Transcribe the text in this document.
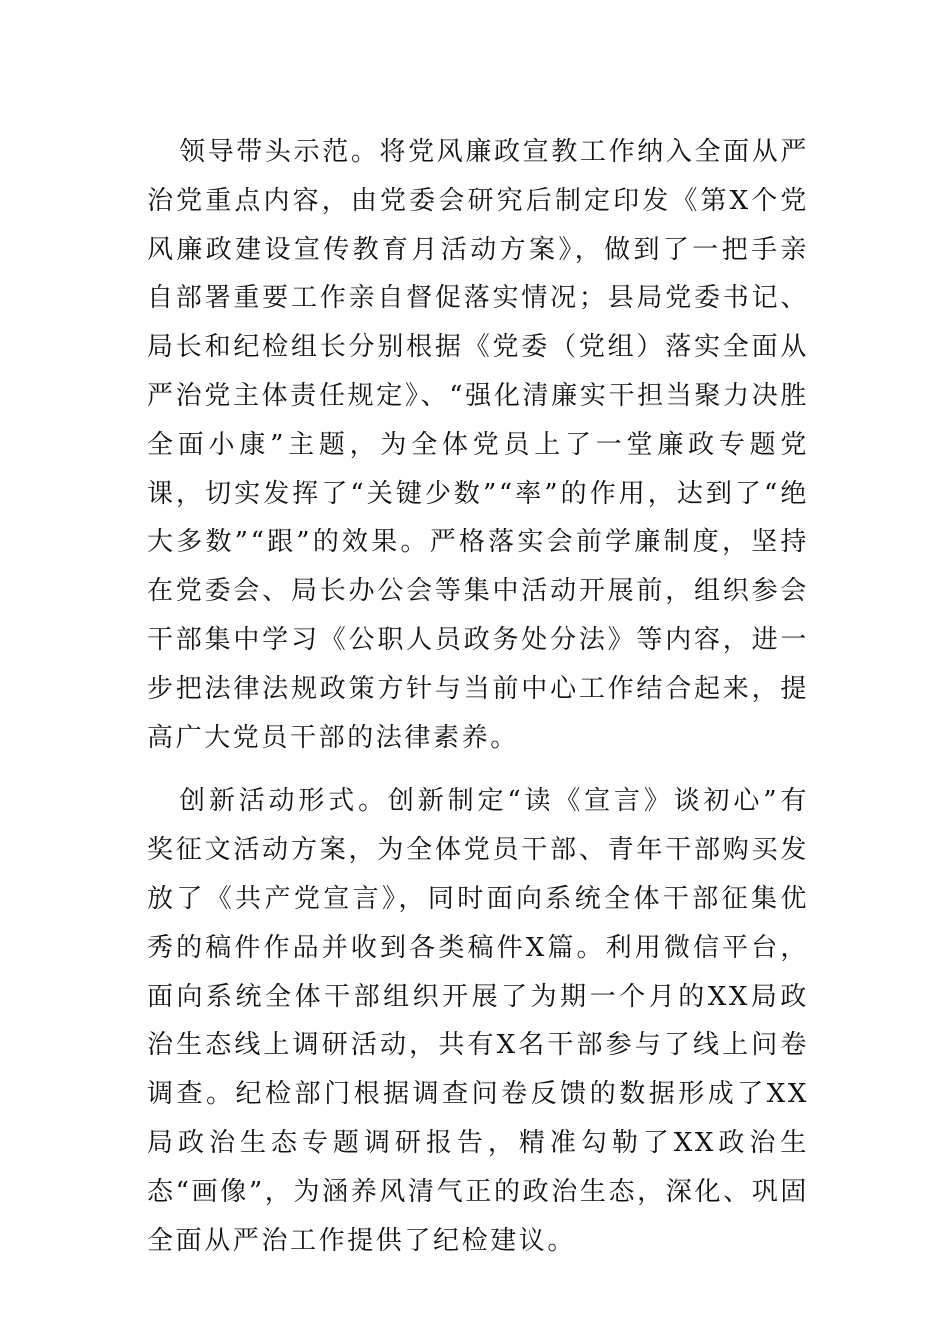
领导带头示范。将党风廉政宣教工作纳入全面从严治党重点内容，由党委会研究后制定印发《第X个党风廉政建设宣传教育月活动方案》，做到了一把手亲自部署重要工作亲自督促落实情况；县局党委书记、局长和纪检组长分别根据《党委（党组）落实全面从严治党主体责任规定》、“强化清廉实干担当聚力决胜全面小康”主题，为全体党员上了一堂廉政专题党课，切实发挥了“关键少数”“率”的作用，达到了“绝大多数”“跟”的效果。严格落实会前学廉制度，坚持在党委会、局长办公会等集中活动开展前，组织参会干部集中学习《公职人员政务处分法》等内容，进一步把法律法规政策方针与当前中心工作结合起来，提高广大党员干部的法律素养。

创新活动形式。创新制定“读《宣言》谈初心”有奖征文活动方案，为全体党员干部、青年干部购买发放了《共产党宣言》，同时面向系统全体干部征集优秀的稿件作品并收到各类稿件X篇。利用微信平台，面向系统全体干部组织开展了为期一个月的XX局政治生态线上调研活动，共有X名干部参与了线上问卷调查。纪检部门根据调查问卷反馈的数据形成了XX局政治生态专题调研报告，精准勾勒了XX政治生态“画像”，为涵养风清气正的政治生态，深化、巩固全面从严治工作提供了纪检建议。
